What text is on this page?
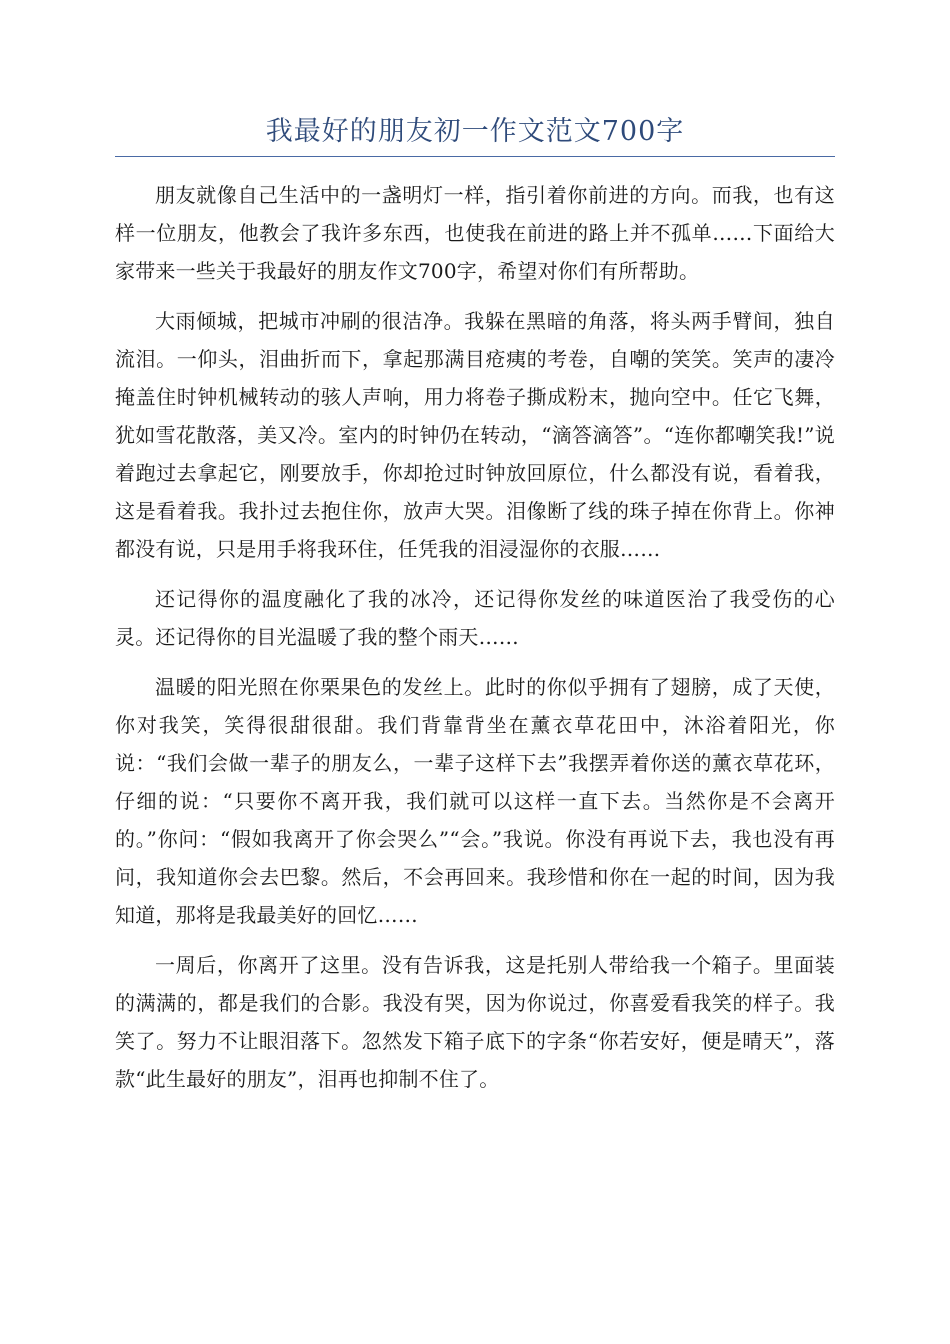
我最好的朋友初一作文范文700字

朋友就像自己生活中的一盏明灯一样，指引着你前进的方向。而我，也有这样一位朋友，他教会了我许多东西，也使我在前进的路上并不孤单……下面给大家带来一些关于我最好的朋友作文700字，希望对你们有所帮助。

大雨倾城，把城市冲刷的很洁净。我躲在黑暗的角落，将头两手臂间，独自流泪。一仰头，泪曲折而下，拿起那满目疮痍的考卷，自嘲的笑笑。笑声的凄冷掩盖住时钟机械转动的骇人声响，用力将卷子撕成粉末，抛向空中。任它飞舞，犹如雪花散落，美又冷。室内的时钟仍在转动，“滴答滴答”。“连你都嘲笑我!”说着跑过去拿起它，刚要放手，你却抢过时钟放回原位，什么都没有说，看着我，这是看着我。我扑过去抱住你，放声大哭。泪像断了线的珠子掉在你背上。你神都没有说，只是用手将我环住，任凭我的泪浸湿你的衣服……

还记得你的温度融化了我的冰冷，还记得你发丝的味道医治了我受伤的心灵。还记得你的目光温暖了我的整个雨天……

温暖的阳光照在你栗果色的发丝上。此时的你似乎拥有了翅膀，成了天使，你对我笑，笑得很甜很甜。我们背靠背坐在薰衣草花田中，沐浴着阳光，你说：“我们会做一辈子的朋友么，一辈子这样下去”我摆弄着你送的薰衣草花环，仔细的说：“只要你不离开我，我们就可以这样一直下去。当然你是不会离开的。”你问：“假如我离开了你会哭么”“会。”我说。你没有再说下去，我也没有再问，我知道你会去巴黎。然后，不会再回来。我珍惜和你在一起的时间，因为我知道，那将是我最美好的回忆……

一周后，你离开了这里。没有告诉我，这是托别人带给我一个箱子。里面装的满满的，都是我们的合影。我没有哭，因为你说过，你喜爱看我笑的样子。我笑了。努力不让眼泪落下。忽然发下箱子底下的字条“你若安好，便是晴天”，落款“此生最好的朋友”，泪再也抑制不住了。
